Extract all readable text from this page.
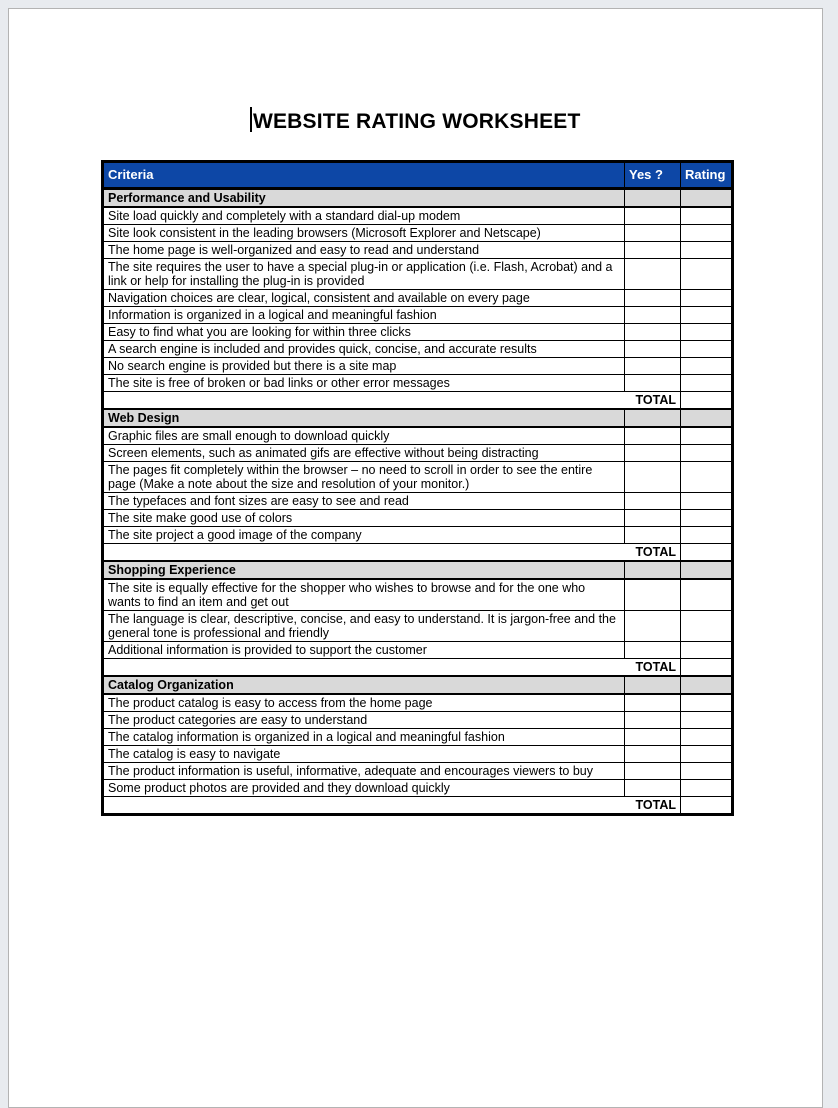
WEBSITE RATING WORKSHEET
Criteria	Yes ?	Rating
Performance and Usability		
Site load quickly and completely with a standard dial-up modem		
Site look consistent in the leading browsers (Microsoft Explorer and Netscape)		
The home page is well-organized and easy to read and understand		
The site requires the user to have a special plug-in or application (i.e. Flash, Acrobat) and a link or help for installing the plug-in is provided		
Navigation choices are clear, logical, consistent and available on every page		
Information is organized in a logical and meaningful fashion		
Easy to find what you are looking for within three clicks		
A search engine is included and provides quick, concise, and accurate results		
No search engine is provided but there is a site map		
The site is free of broken or bad links or other error messages		
TOTAL		
Web Design		
Graphic files are small enough to download quickly		
Screen elements, such as animated gifs are effective without being distracting		
The pages fit completely within the browser – no need to scroll in order to see the entire page (Make a note about the size and resolution of your monitor.)		
The typefaces and font sizes are easy to see and read		
The site make good use of colors		
The site project a good image of the company		
TOTAL		
Shopping Experience		
The site is equally effective for the shopper who wishes to browse and for the one who wants to find an item and get out		
The language is clear, descriptive, concise, and easy to understand. It is jargon-free and the general tone is professional and friendly		
Additional information is provided to support the customer		
TOTAL		
Catalog Organization		
The product catalog is easy to access from the home page		
The product categories are easy to understand		
The catalog information is organized in a logical and meaningful fashion		
The catalog is easy to navigate		
The product information is useful, informative, adequate and encourages viewers to buy		
Some product photos are provided and they download quickly		
TOTAL		
